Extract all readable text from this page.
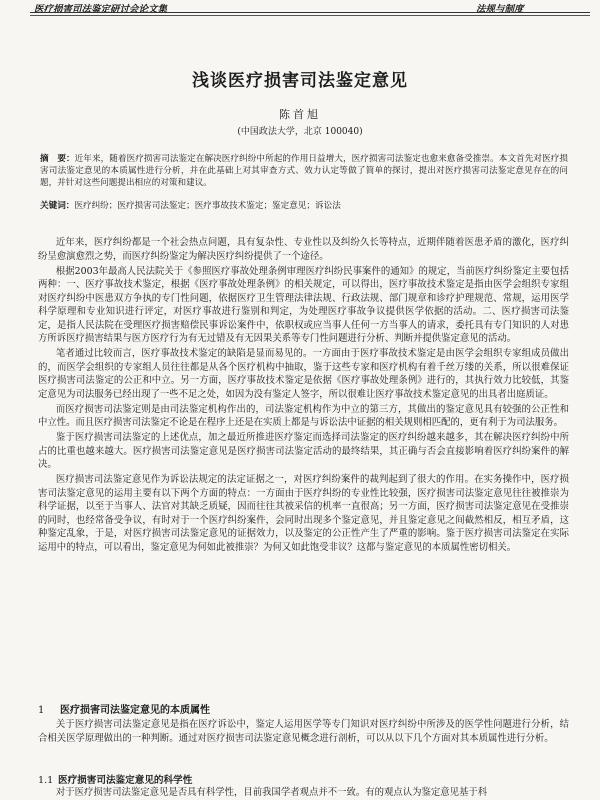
医疗损害司法鉴定研讨会论文集	法规与制度
浅谈医疗损害司法鉴定意见
陈首旭
(中国政法大学，北京 100040)
摘　要：近年来，随着医疗损害司法鉴定在解决医疗纠纷中所起的作用日益增大，医疗损害司法鉴定也愈来愈备受推崇。本文首先对医疗损害司法鉴定意见的本质属性进行分析，并在此基础上对其审查方式、效力认定等做了简单的探讨，提出对医疗损害司法鉴定意见存在的问题，并针对这些问题提出相应的对策和建议。
关键词：医疗纠纷；医疗损害司法鉴定；医疗事故技术鉴定；鉴定意见；诉讼法

近年来，医疗纠纷都是一个社会热点问题，具有复杂性、专业性以及纠纷久长等特点，近期伴随着医患矛盾的激化，医疗纠纷呈愈演愈烈之势，而医疗纠纷鉴定为解决医疗纠纷提供了一个途径。

根据2003年最高人民法院关于《参照医疗事故处理条例审理医疗纠纷民事案件的通知》的规定，当前医疗纠纷鉴定主要包括两种：一、医疗事故技术鉴定，根据《医疗事故处理条例》的相关规定，可以得出，医疗事故技术鉴定是指由医学会组织专家组对医疗纠纷中医患双方争执的专门性问题，依据医疗卫生管理法律法规、行政法规、部门规章和诊疗护理规范、常规，运用医学科学原理和专业知识进行评定，对医疗事故进行鉴别和判定，为处理医疗事故争议提供医学依据的活动。二、医疗损害司法鉴定，是指人民法院在受理医疗损害赔偿民事诉讼案件中，依职权或应当事人任何一方当事人的请求，委托具有专门知识的人对患方所诉医疗损害结果与医方医疗行为有无过错及有无因果关系等专门性问题进行分析、判断并提供鉴定意见的活动。

笔者通过比较而言，医疗事故技术鉴定的缺陷是显而易见的。一方面由于医疗事故技术鉴定是由医学会组织专家组成员做出的，而医学会组织的专家组人员往往都是从各个医疗机构中抽取，鉴于这些专家和医疗机构有着千丝万缕的关系，所以很难保证医疗损害司法鉴定的公正和中立。另一方面，医疗事故技术鉴定是依据《医疗事故处理条例》进行的，其执行效力比较低，其鉴定意见为司法服务已经出现了一些不足之处，如因为没有鉴定人签字，所以很难让医疗事故技术鉴定意见的出具者出庭质证。

而医疗损害司法鉴定则是由司法鉴定机构作出的，司法鉴定机构作为中立的第三方，其做出的鉴定意见具有较强的公正性和中立性。而且医疗损害司法鉴定不论是在程序上还是在实质上都是与诉讼法中证据的相关规则相匹配的，更有利于为司法服务。

鉴于医疗损害司法鉴定的上述优点，加之最近所推进医疗鉴定而选择司法鉴定的医疗纠纷越来越多，其在解决医疗纠纷中所占的比重也越来越大。医疗损害司法鉴定意见是医疗损害司法鉴定活动的最终结果，其正确与否会直接影响着医疗纠纷案件的解决。

医疗损害司法鉴定意见作为诉讼法规定的法定证据之一，对医疗纠纷案件的裁判起到了很大的作用。在实务操作中，医疗损害司法鉴定意见的运用主要有以下两个方面的特点：一方面由于医疗纠纷的专业性比较强，医疗损害司法鉴定意见往往被推崇为科学证据，以至于当事人、法官对其缺乏质疑，因而往往其被采信的机率一直很高；另一方面，医疗损害司法鉴定意见在受推崇的同时，也经常备受争议，有时对于一个医疗纠纷案件，会同时出现多个鉴定意见，并且鉴定意见之间截然相反，相互矛盾，这种鉴定乱象，于是，对医疗损害司法鉴定意见的证据效力，以及鉴定的公正性产生了严重的影响。鉴于医疗损害司法鉴定在实际运用中的特点，可以看出，鉴定意见为何如此被推崇？为何又如此饱受非议？这都与鉴定意见的本质属性密切相关。

1 医疗损害司法鉴定意见的本质属性

关于医疗损害司法鉴定意见是指在医疗诉讼中，鉴定人运用医学等专门知识对医疗纠纷中所涉及的医学性问题进行分析，结合相关医学原理做出的一种判断。通过对医疗损害司法鉴定意见概念进行剖析，可以从以下几个方面对其本质属性进行分析。

1.1 医疗损害司法鉴定意见的科学性

对于医疗损害司法鉴定意见是否具有科学性，目前我国学者观点并不一致。有的观点认为鉴定意见基于科
